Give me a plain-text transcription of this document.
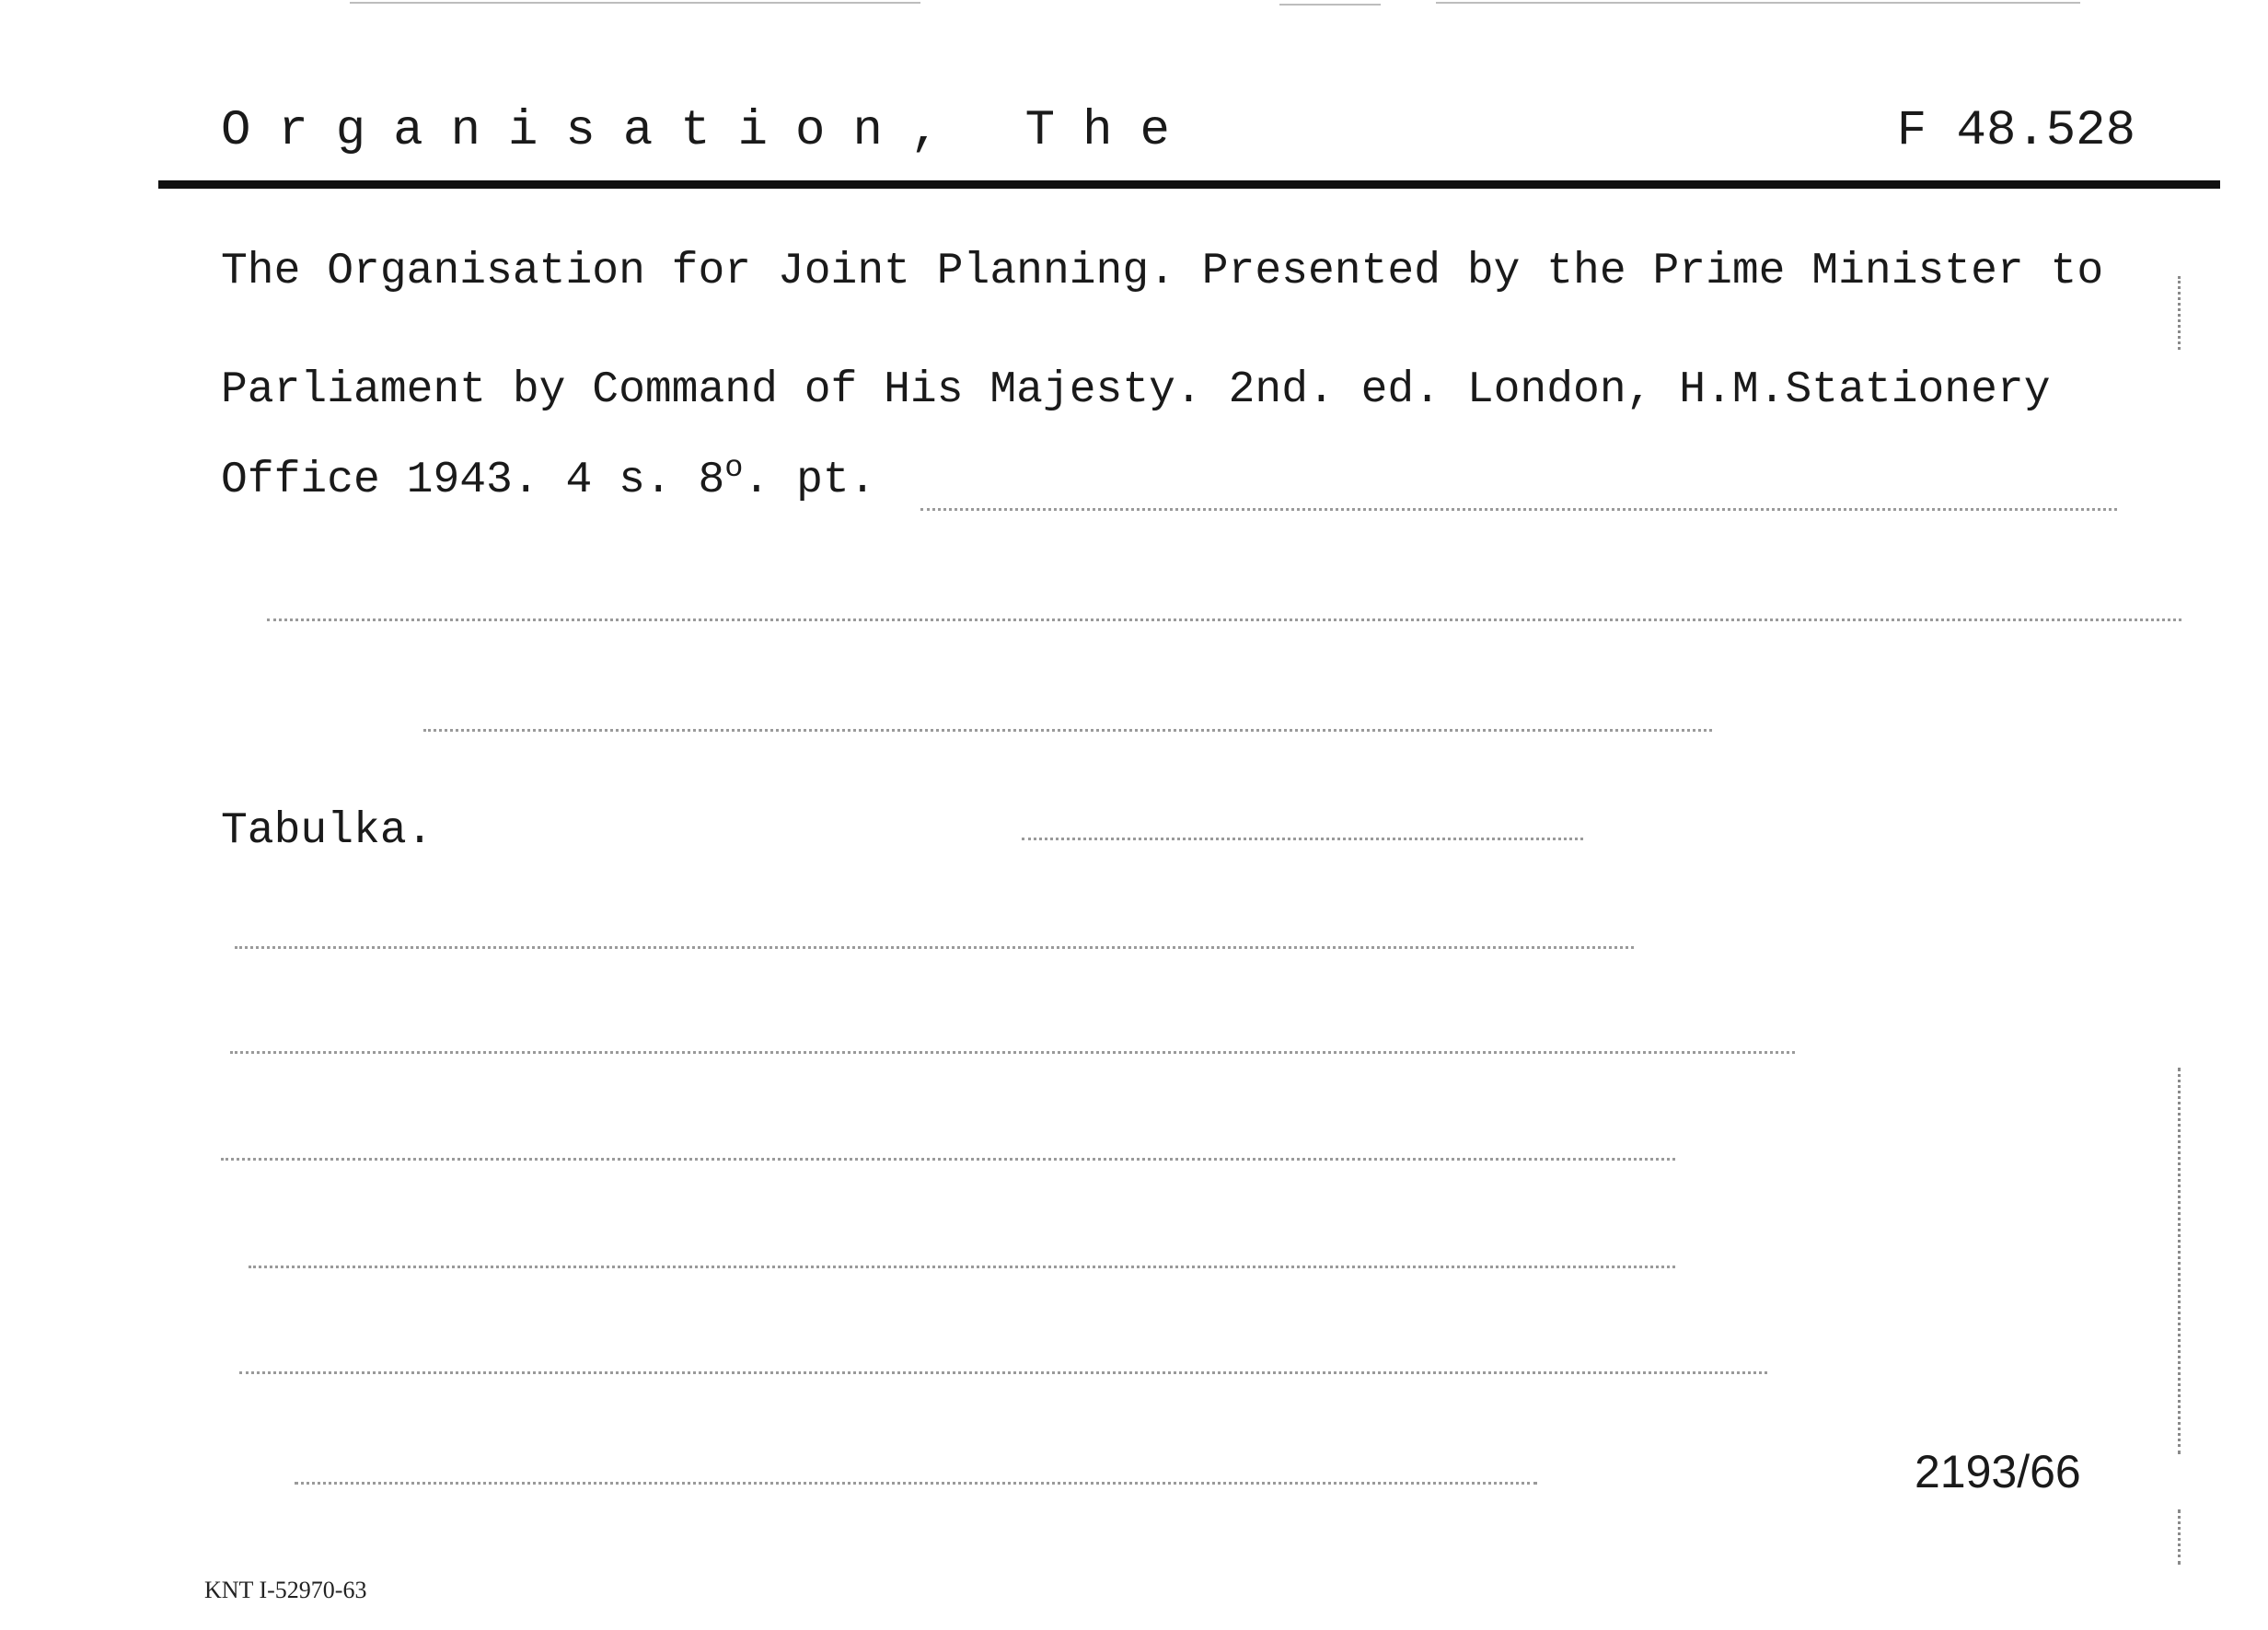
Organisation, The	F 48.528
The Organisation for Joint Planning. Presented by the Prime Minister to
Parliament by Command of His Majesty. 2nd. ed. London, H.M.Stationery
Office 1943. 4 s. 8$^o$. pt.
Tabulka.
2193/66
KNT I-52970-63
